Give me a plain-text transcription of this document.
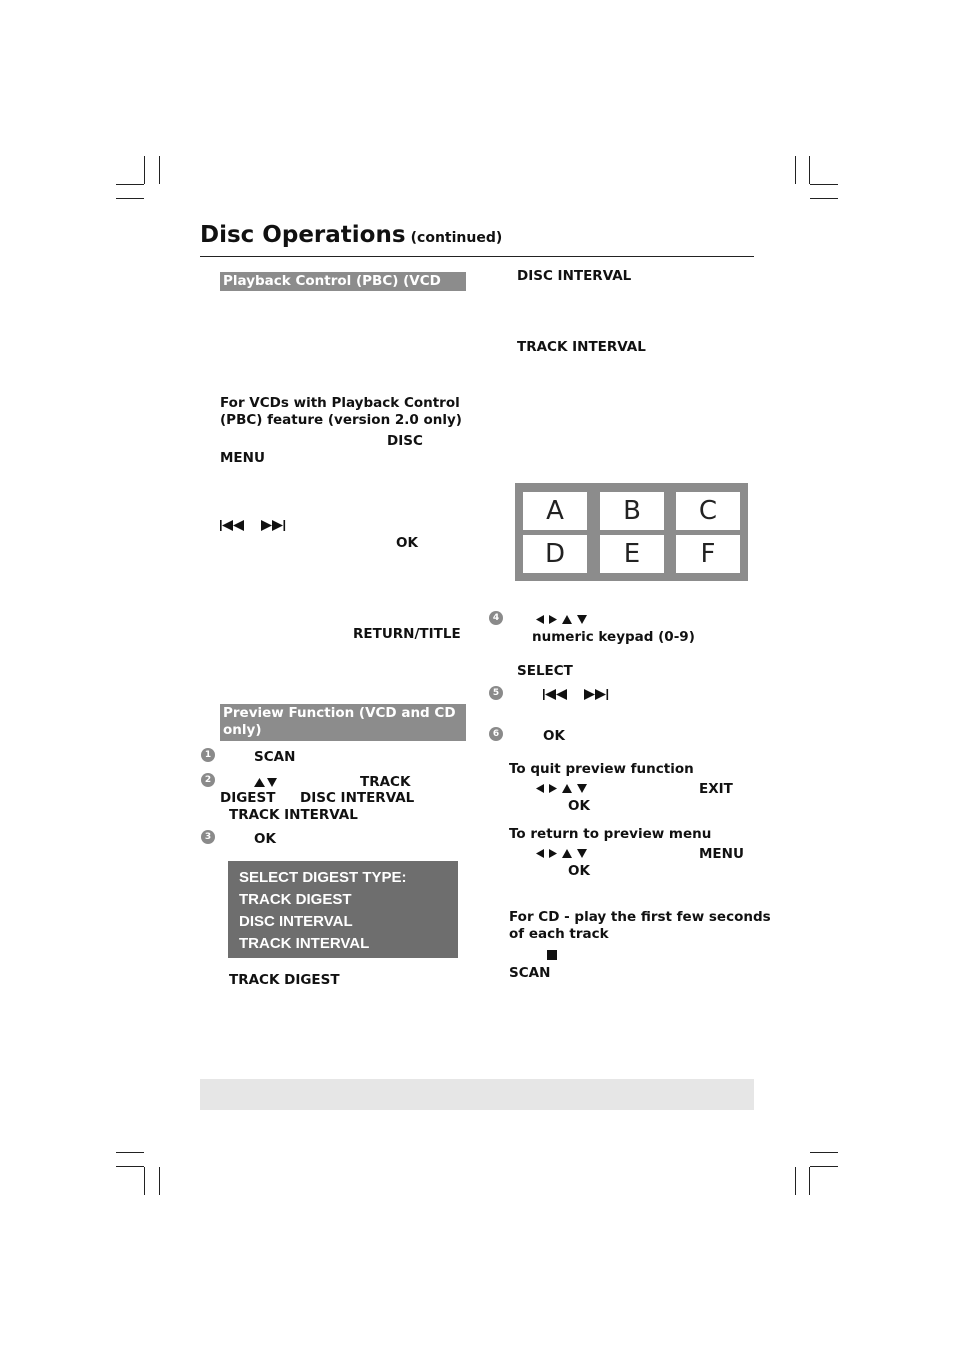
Disc Operations (continued)
Playback Control (PBC) (VCD only)
For VCDs with Playback Control
(PBC) feature (version 2.0 only)
DISC
MENU
OK
RETURN/TITLE
Preview Function (VCD and CD
only)
1	SCAN
2	TRACK
DIGEST DISC INTERVAL
TRACK INTERVAL
3	OK
SELECT DIGEST TYPE:
TRACK DIGEST
DISC INTERVAL
TRACK INTERVAL
TRACK DIGEST
DISC INTERVAL
TRACK INTERVAL
A	B	C
D	E	F
4
numeric keypad (0-9)
SELECT
5
6	OK
To quit preview function
EXIT
OK
To return to preview menu
MENU
OK
For CD - play the first few seconds
of each track
SCAN
